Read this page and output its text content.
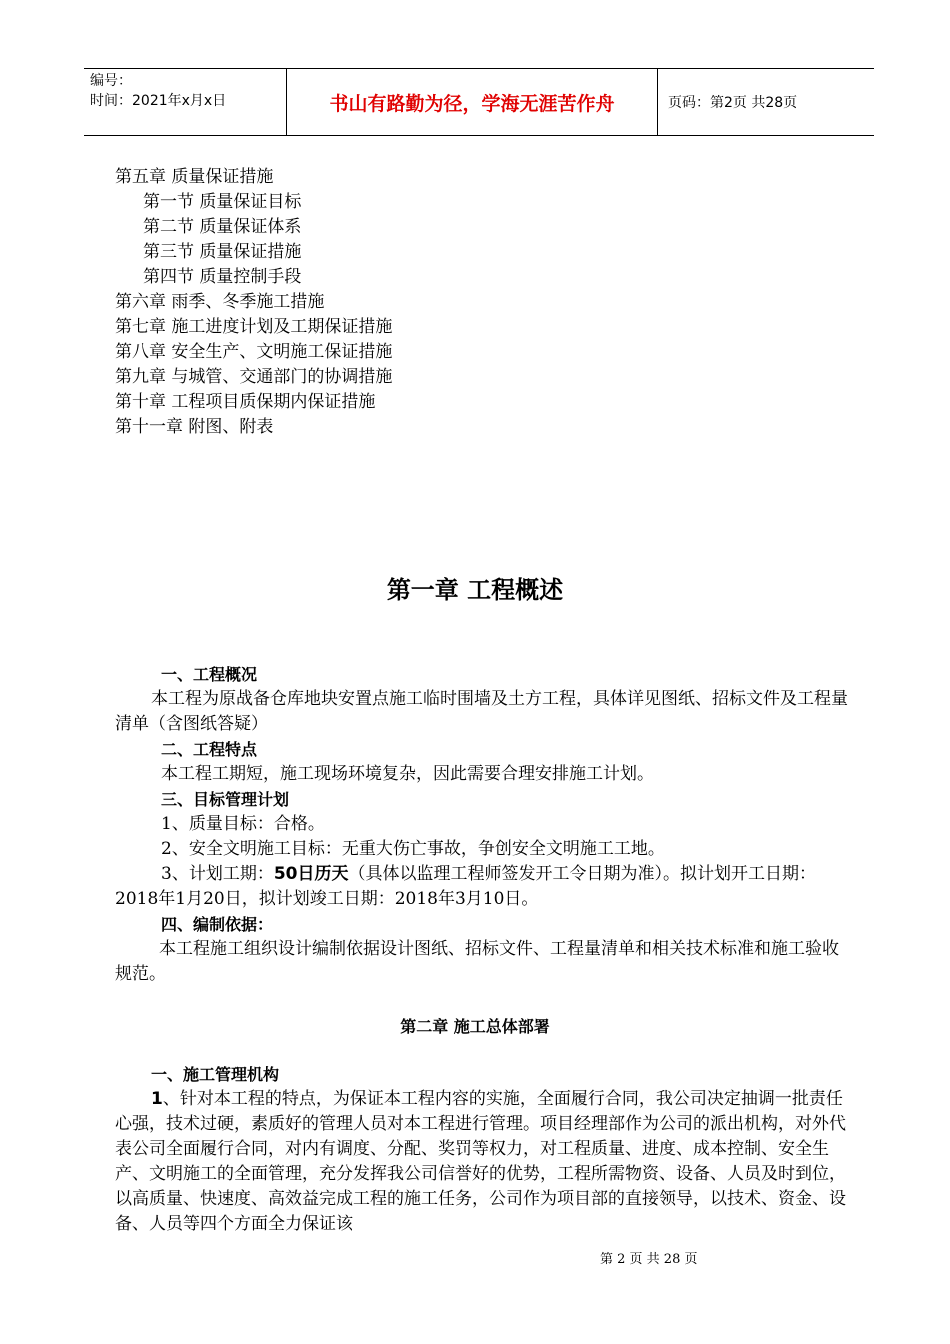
编号：
时间：2021年x月x日	书山有路勤为径，学海无涯苦作舟	页码：第2页 共28页

第五章 质量保证措施

第一节 质量保证目标

第二节 质量保证体系

第三节 质量保证措施

第四节 质量控制手段

第六章 雨季、冬季施工措施

第七章 施工进度计划及工期保证措施

第八章 安全生产、文明施工保证措施

第九章 与城管、交通部门的协调措施

第十章 工程项目质保期内保证措施

第十一章 附图、附表

第一章 工程概述

一、工程概况

本工程为原战备仓库地块安置点施工临时围墙及土方工程，具体详见图纸、招标文件及工程量清单（含图纸答疑）

二、工程特点

本工程工期短，施工现场环境复杂，因此需要合理安排施工计划。

三、目标管理计划

1、质量目标：合格。

2、安全文明施工目标：无重大伤亡事故，争创安全文明施工工地。

3、计划工期：50日历天（具体以监理工程师签发开工令日期为准）。拟计划开工日期：2018年1月20日，拟计划竣工日期：2018年3月10日。

四、编制依据：

本工程施工组织设计编制依据设计图纸、招标文件、工程量清单和相关技术标准和施工验收规范。

第二章 施工总体部署

一、施工管理机构

1、针对本工程的特点，为保证本工程内容的实施，全面履行合同，我公司决定抽调一批责任心强，技术过硬，素质好的管理人员对本工程进行管理。项目经理部作为公司的派出机构，对外代表公司全面履行合同，对内有调度、分配、奖罚等权力，对工程质量、进度、成本控制、安全生产、文明施工的全面管理，充分发挥我公司信誉好的优势，工程所需物资、设备、人员及时到位，以高质量、快速度、高效益完成工程的施工任务，公司作为项目部的直接领导，以技术、资金、设备、人员等四个方面全力保证该

第 2 页 共 28 页
